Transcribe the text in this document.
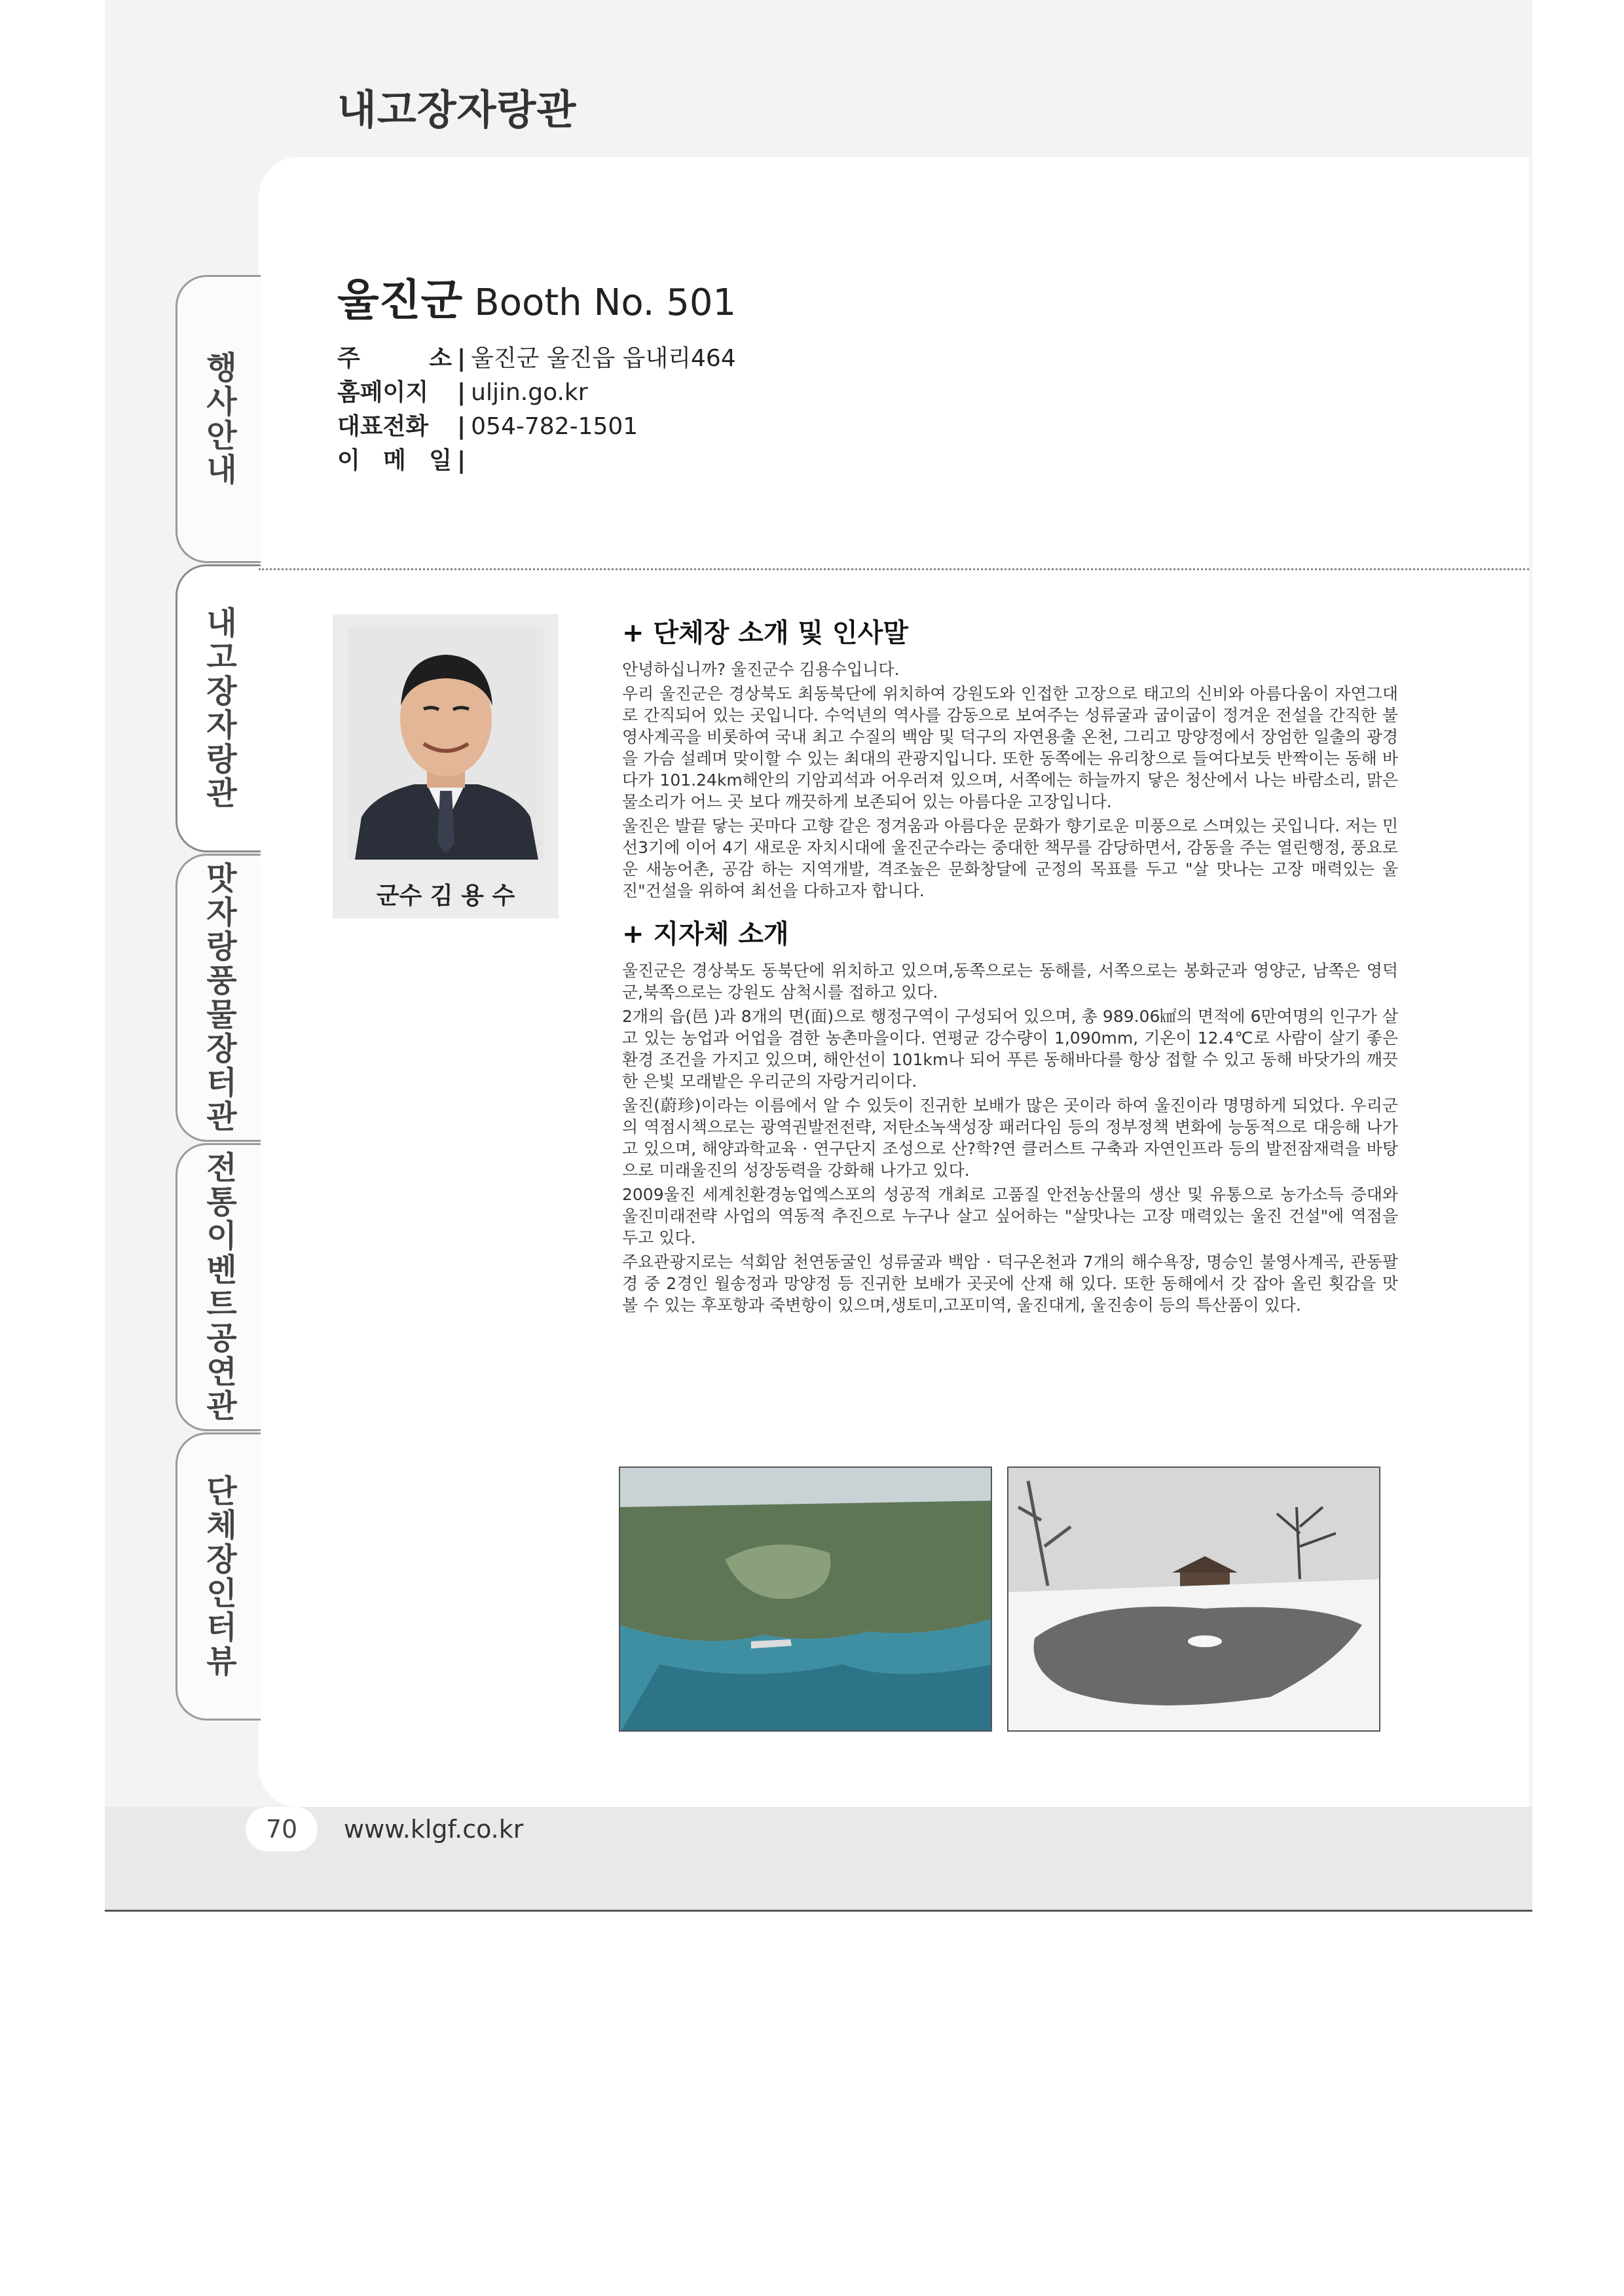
내고장자랑관
행사안내
내고장자랑관
맛자랑풍물장터관
전통이벤트공연관
단체장인터뷰
울진군 Booth No. 501
주 소 | 울진군 울진읍 읍내리464
홈페이지	| uljin.go.kr
대표전화	| 054-782-1501
이 메 일 |
군수 김 용 수
+ 단체장 소개 및 인사말

안녕하십니까? 울진군수 김용수입니다.

우리 울진군은 경상북도 최동북단에 위치하여 강원도와 인접한 고장으로 태고의 신비와 아름다움이 자연그대로 간직되어 있는 곳입니다. 수억년의 역사를 감동으로 보여주는 성류굴과 굽이굽이 정겨운 전설을 간직한 불영사계곡을 비롯하여 국내 최고 수질의 백암 및 덕구의 자연용출 온천, 그리고 망양정에서 장엄한 일출의 광경을 가슴 설레며 맞이할 수 있는 최대의 관광지입니다. 또한 동쪽에는 유리창으로 들여다보듯 반짝이는 동해 바다가 101.24km해안의 기암괴석과 어우러져 있으며, 서쪽에는 하늘까지 닿은 청산에서 나는 바람소리, 맑은 물소리가 어느 곳 보다 깨끗하게 보존되어 있는 아름다운 고장입니다.

울진은 발끝 닿는 곳마다 고향 같은 정겨움과 아름다운 문화가 향기로운 미풍으로 스며있는 곳입니다. 저는 민선3기에 이어 4기 새로운 자치시대에 울진군수라는 중대한 책무를 감당하면서, 감동을 주는 열린행정, 풍요로운 새농어촌, 공감 하는 지역개발, 격조높은 문화창달에 군정의 목표를 두고 "살 맛나는 고장 매력있는 울진"건설을 위하여 최선을 다하고자 합니다.

+ 지자체 소개

울진군은 경상북도 동북단에 위치하고 있으며,동쪽으로는 동해를, 서쪽으로는 봉화군과 영양군, 남쪽은 영덕군,북쪽으로는 강원도 삼척시를 접하고 있다.

2개의 읍(邑 )과 8개의 면(面)으로 행정구역이 구성되어 있으며, 총 989.06㎢의 면적에 6만여명의 인구가 살고 있는 농업과 어업을 겸한 농촌마을이다. 연평균 강수량이 1,090mm, 기온이 12.4℃로 사람이 살기 좋은 환경 조건을 가지고 있으며, 해안선이 101km나 되어 푸른 동해바다를 항상 접할 수 있고 동해 바닷가의 깨끗한 은빛 모래밭은 우리군의 자랑거리이다.

울진(蔚珍)이라는 이름에서 알 수 있듯이 진귀한 보배가 많은 곳이라 하여 울진이라 명명하게 되었다. 우리군의 역점시책으로는 광역권발전전략, 저탄소녹색성장 패러다임 등의 정부정책 변화에 능동적으로 대응해 나가고 있으며, 해양과학교육 · 연구단지 조성으로 산?학?연 클러스트 구축과 자연인프라 등의 발전잠재력을 바탕으로 미래울진의 성장동력을 강화해 나가고 있다.

2009울진 세계친환경농업엑스포의 성공적 개최로 고품질 안전농산물의 생산 및 유통으로 농가소득 증대와 울진미래전략 사업의 역동적 추진으로 누구나 살고 싶어하는 "살맛나는 고장 매력있는 울진 건설"에 역점을 두고 있다.

주요관광지로는 석회암 천연동굴인 성류굴과 백암 · 덕구온천과 7개의 해수욕장, 명승인 불영사계곡, 관동팔경 중 2경인 월송정과 망양정 등 진귀한 보배가 곳곳에 산재 해 있다. 또한 동해에서 갓 잡아 올린 횟감을 맛 볼 수 있는 후포항과 죽변항이 있으며,생토미,고포미역, 울진대게, 울진송이 등의 특산품이 있다.

70	www.klgf.co.kr
